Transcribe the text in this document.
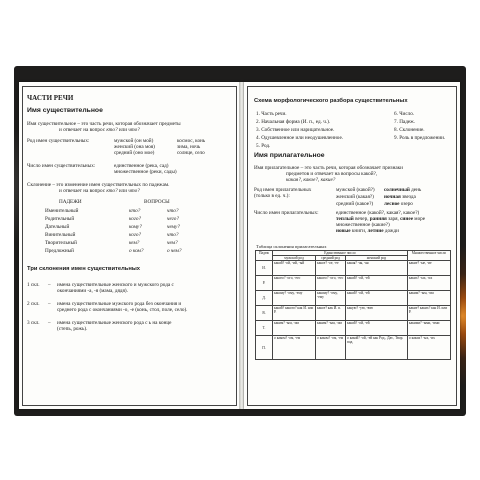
ЧАСТИ РЕЧИ
Имя существительное
Имя существительное – это часть речи, которая обозначает предметы
и отвечает на вопрос кто? или что?
Род имен существительных:	мужской (он мой)	космос, конь
женский (она моя)	зима, ночь
средний (оно мое)	солнце, село
Число имен существительных:	единственное (река, сад)
множественное (реки, сады)
Склонение – это изменение имен существительных по падежам.
и отвечает на вопрос кто? или что?
ПАДЕЖИ	ВОПРОСЫ
Именительный	кто?	что?
Родительный	кого?	чего?
Дательный	кому?	чему?
Винительный	кого?	что?
Творительный	кем?	чем?
Предложный	о ком?	о чем?
Три склонения имен существительных
1 скл. – имена существительные женского и мужского рода с
окончаниями -а, -я (мама, дядя).
2 скл. – имена существительные мужского рода без окончания и
среднего рода с окончаниями -о, -е (конь, стол, поле, село).
3 скл. – имена существительные женского рода с ь на конце
(степь, рожь).
Схема морфологического разбора существительных
1. Часть речи.
2. Начальная форма (И. п., ед. ч.).
3. Собственное или нарицательное.
4. Одушевленное или неодушевленное.
5. Род.
6. Число.
7. Падеж.
8. Склонение.
9. Роль в предложении.
Имя прилагательное
Имя прилагательное – это часть речи, которая обозначает признаки
предметов и отвечает на вопросы какой?,
какая?, какое?, какие?
Род имен прилагательных
(только в ед. ч.):
мужской (какой?) солнечный день
женский (какая?) ночная звезда
средний (какое?) лесное озеро
Число имен прилагательных:	единственное (какой?, какая?, какое?)
теплый вечер, ранняя заря, синее море
множественное (какие?)
новые книги, летние дожди
Таблица склонения прилагательных
Падеж	Единственное число			Множественное число
	мужской род	средний род	женский род	
И.	какой? -ой, -ий, -ый	какое? -ое, -ее	какая? -ая, -яя	какие? -ые, -ие
Р.	какого? -ого, -его	какого? -ого, -его	какой? -ой, -ей	каких? -ых, -их
Д.	какому? -ому, -ему	какому? -ому, -ему	какой? -ой, -ей	каким? -ым, -им
В.	какой? какого? как И. или Р.	какое? как И. п.	какую? -ую, -юю	какие? каких? как И. или Р.
Т.	каким? -ым, -им	каким? -ым, -им	какой? -ой, -ей	какими? -ыми, -ими
П.	о каком? -ом, -ем	о каком? -ом, -ем	о какой? -ой, -ей как Род., Дат., Твор. пад.	о каких? -ых, -их
